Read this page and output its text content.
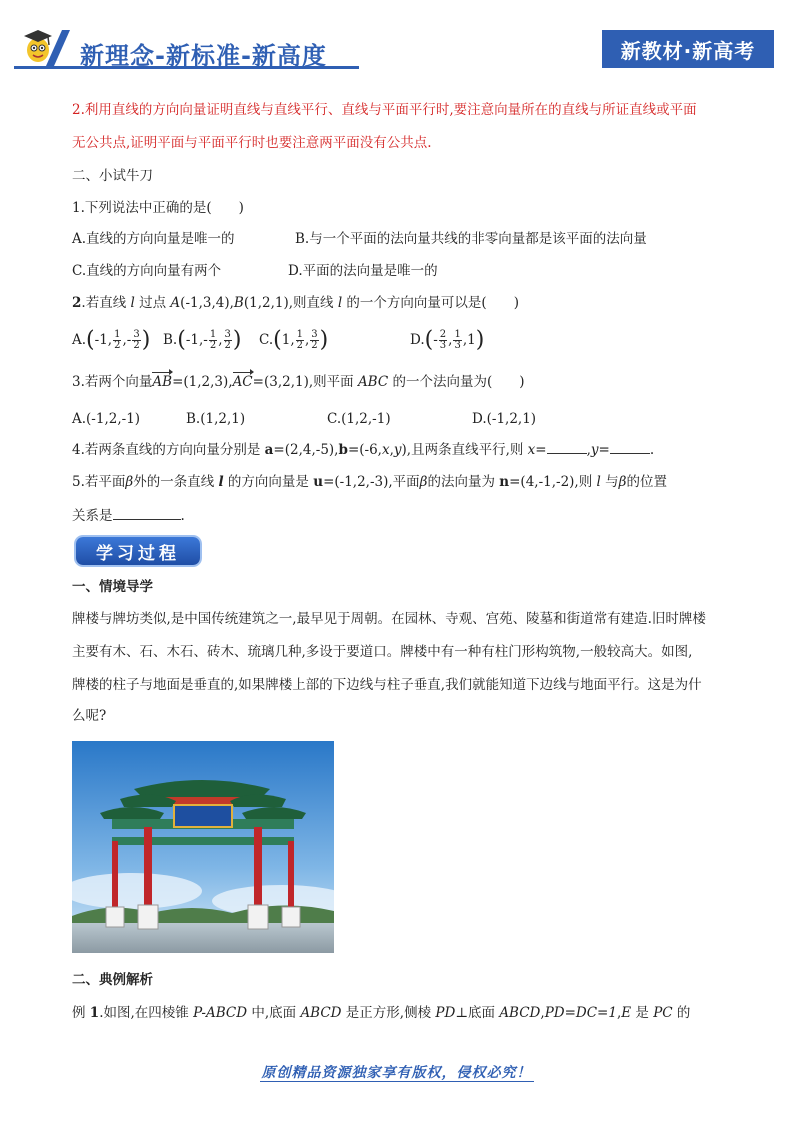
新理念-新标准-新高度	新教材·新高考
2.利用直线的方向向量证明直线与直线平行、直线与平面平行时,要注意向量所在的直线与所证直线或平面
无公共点,证明平面与平面平行时也要注意两平面没有公共点.
二、小试牛刀
1.下列说法中正确的是(　　)
A.直线的方向向量是唯一的	B.与一个平面的法向量共线的非零向量都是该平面的法向量
C.直线的方向向量有两个	D.平面的法向量是唯一的
2.若直线 l 过点 A(-1,3,4),B(1,2,1),则直线 l 的一个方向向量可以是(　　)
A.(-1, $\frac{1}{2}$ ,- $\frac{3}{2}$ ) $B.(-1,- \frac{1}{2}$ , $\frac{3}{2}$ ) C.(1, $\frac{1}{2}$ , $\frac{3}{2}$ )	$D.(- \frac{2}{3}$ , $\frac{1}{3} ,1$)
3.若两个向量AB=(1,2,3),AC=(3,2,1),则平面 ABC 的一个法向量为(　　)
A.(-1,2,-1)	B.(1,2,1)	C.(1,2,-1)	D.(-1,2,1)
4.若两条直线的方向向量分别是 a=(2,4,-5),b=(-6,x,y),且两条直线平行,则 x=	,y=	.
5.若平面β外的一条直线 l 的方向向量是 u=(-1,2,-3),平面β的法向量为 n=(4,-1,-2),则 l 与β的位置
关系是	.
学习过程
一、情境导学
牌楼与牌坊类似,是中国传统建筑之一,最早见于周朝。在园林、寺观、宫苑、陵墓和街道常有建造.旧时牌楼
主要有木、石、木石、砖木、琉璃几种,多设于要道口。牌楼中有一种有柱门形构筑物,一般较高大。如图,
牌楼的柱子与地面是垂直的,如果牌楼上部的下边线与柱子垂直,我们就能知道下边线与地面平行。这是为什
么呢?
二、典例解析
例 1.如图,在四棱锥 P-ABCD 中,底面 ABCD 是正方形,侧棱 PD⊥底面 ABCD,PD=DC=1,E 是 PC 的
原创精品资源独家享有版权，侵权必究！
